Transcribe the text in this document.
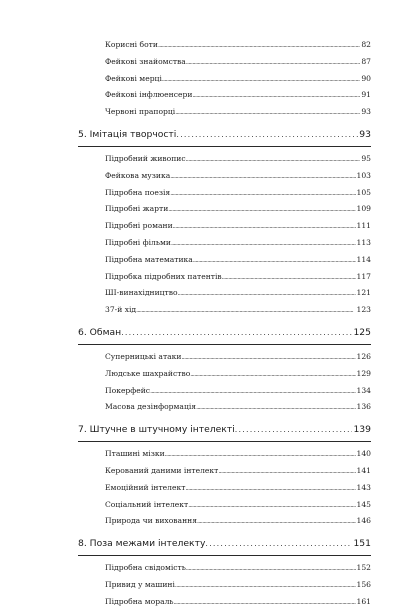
Корисні боти .....	82
Фейкові знайомства .....	87
Фейкові мерці .....	90
Фейкові інфлюенсери .....	91
Червоні прапорці .....	93
5. Імітація творчості .....	93
Підробний живопис .....	95
Фейкова музика .....	103
Підробна поезія .....	105
Підробні жарти .....	109
Підробні романи .....	111
Підробні фільми .....	113
Підробна математика .....	114
Підробка підробних патентів .....	117
ШІ-винахідництво .....	121
37-й хід .....	123
6. Обман .....	125
Суперницькі атаки .....	126
Людське шахрайство .....	129
Покерфейс .....	134
Масова дезінформація .....	136
7. Штучне в штучному інтелекті .....	139
Пташині мізки .....	140
Керований даними інтелект .....	141
Емоційний інтелект .....	143
Соціальний інтелект .....	145
Природа чи виховання .....	146
8. Поза межами інтелекту .....	151
Підробна свідомість .....	152
Привид у машині .....	156
Підробна мораль .....	161
